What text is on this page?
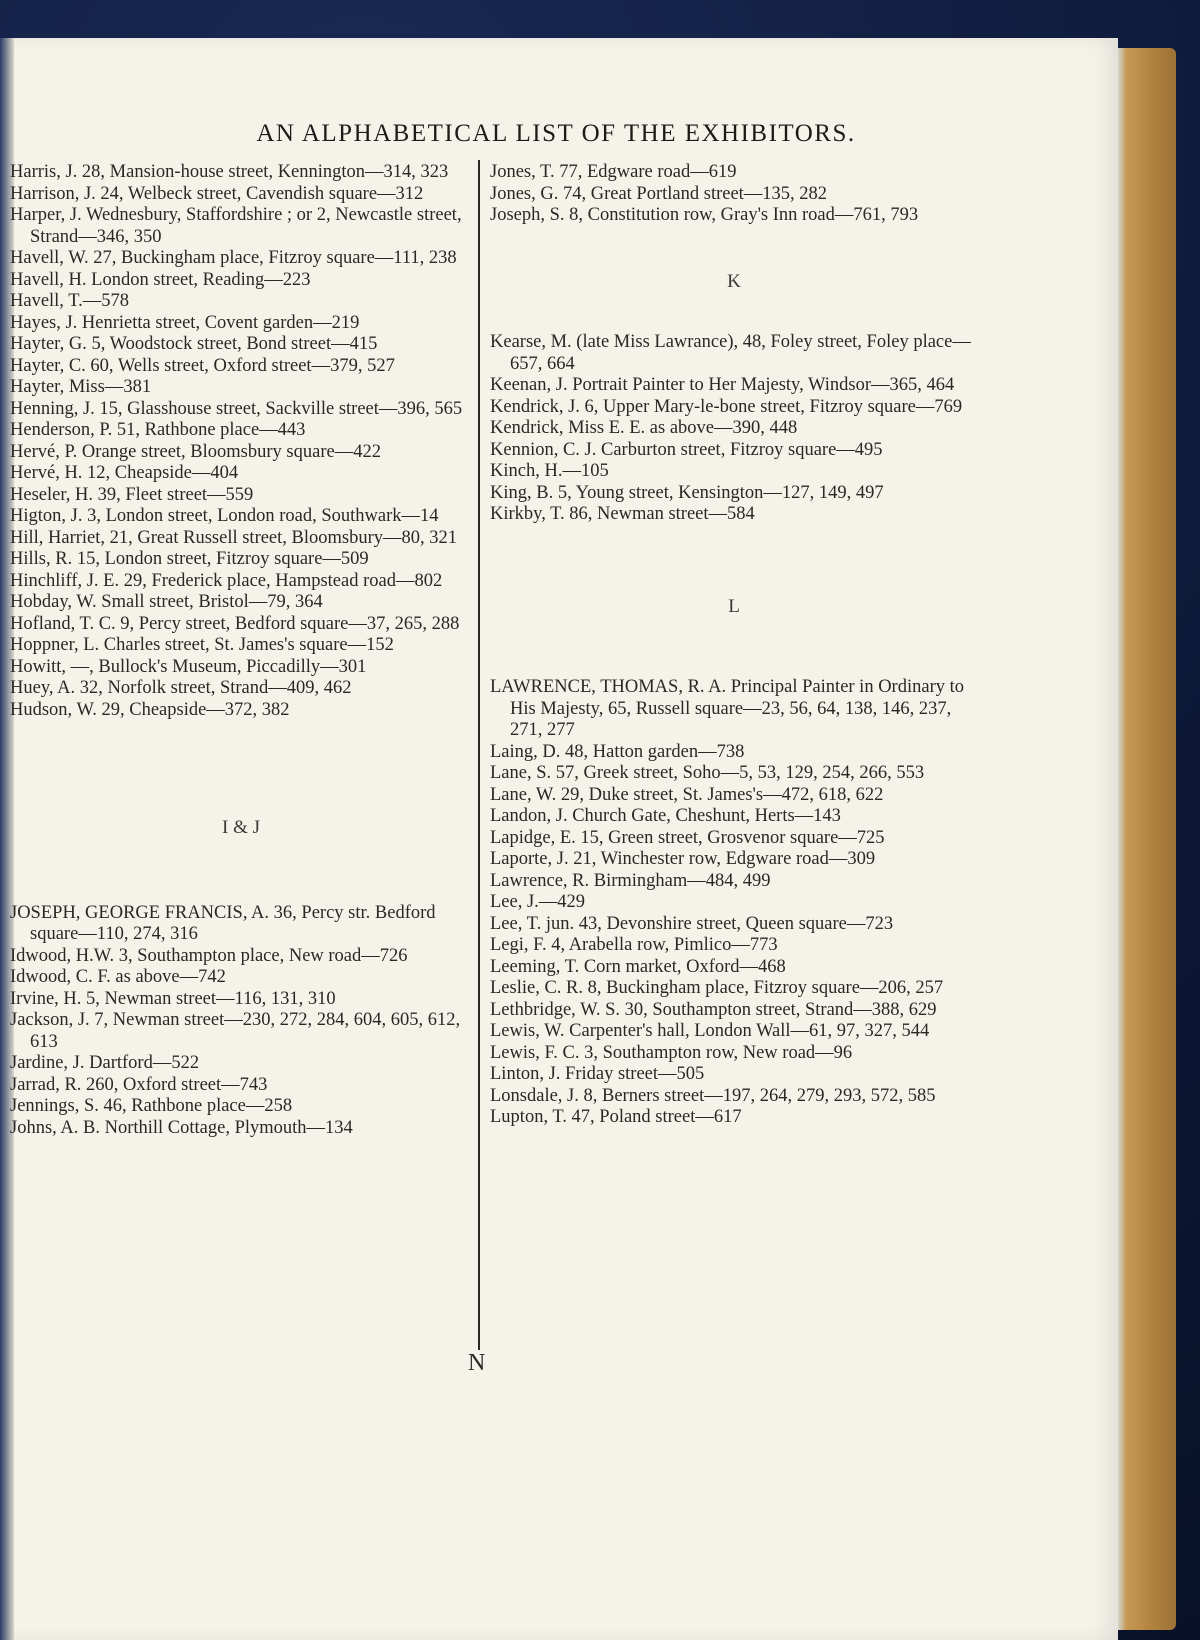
AN ALPHABETICAL LIST OF THE EXHIBITORS.

Harris, J. 28, Mansion-house street, Kennington—314, 323

Harrison, J. 24, Welbeck street, Cavendish square—312

Harper, J. Wednesbury, Staffordshire ; or 2, Newcastle street, Strand—346, 350

Havell, W. 27, Buckingham place, Fitzroy square—111, 238

Havell, H. London street, Reading—223

Havell, T.—578

Hayes, J. Henrietta street, Covent garden—219

Hayter, G. 5, Woodstock street, Bond street—415

Hayter, C. 60, Wells street, Oxford street—379, 527

Hayter, Miss—381

Henning, J. 15, Glasshouse street, Sackville street—396, 565

Henderson, P. 51, Rathbone place—443

Hervé, P. Orange street, Bloomsbury square—422

Hervé, H. 12, Cheapside—404

Heseler, H. 39, Fleet street—559

Higton, J. 3, London street, London road, Southwark—14

Hill, Harriet, 21, Great Russell street, Bloomsbury—80, 321

Hills, R. 15, London street, Fitzroy square—509

Hinchliff, J. E. 29, Frederick place, Hampstead road—802

Hobday, W. Small street, Bristol—79, 364

Hofland, T. C. 9, Percy street, Bedford square—37, 265, 288

Hoppner, L. Charles street, St. James's square—152

Howitt, —, Bullock's Museum, Piccadilly—301

Huey, A. 32, Norfolk street, Strand—409, 462

Hudson, W. 29, Cheapside—372, 382

I & J

JOSEPH, GEORGE FRANCIS, A. 36, Percy str. Bedford square—110, 274, 316

Idwood, H.W. 3, Southampton place, New road—726

Idwood, C. F. as above—742

Irvine, H. 5, Newman street—116, 131, 310

Jackson, J. 7, Newman street—230, 272, 284, 604, 605, 612, 613

Jardine, J. Dartford—522

Jarrad, R. 260, Oxford street—743

Jennings, S. 46, Rathbone place—258

Johns, A. B. Northill Cottage, Plymouth—134

Jones, T. 77, Edgware road—619

Jones, G. 74, Great Portland street—135, 282

Joseph, S. 8, Constitution row, Gray's Inn road—761, 793

K

Kearse, M. (late Miss Lawrance), 48, Foley street, Foley place—657, 664

Keenan, J. Portrait Painter to Her Majesty, Windsor—365, 464

Kendrick, J. 6, Upper Mary-le-bone street, Fitzroy square—769

Kendrick, Miss E. E. as above—390, 448

Kennion, C. J. Carburton street, Fitzroy square—495

Kinch, H.—105

King, B. 5, Young street, Kensington—127, 149, 497

Kirkby, T. 86, Newman street—584

L

LAWRENCE, THOMAS, R. A. Principal Painter in Ordinary to His Majesty, 65, Russell square—23, 56, 64, 138, 146, 237, 271, 277

Laing, D. 48, Hatton garden—738

Lane, S. 57, Greek street, Soho—5, 53, 129, 254, 266, 553

Lane, W. 29, Duke street, St. James's—472, 618, 622

Landon, J. Church Gate, Cheshunt, Herts—143

Lapidge, E. 15, Green street, Grosvenor square—725

Laporte, J. 21, Winchester row, Edgware road—309

Lawrence, R. Birmingham—484, 499

Lee, J.—429

Lee, T. jun. 43, Devonshire street, Queen square—723

Legi, F. 4, Arabella row, Pimlico—773

Leeming, T. Corn market, Oxford—468

Leslie, C. R. 8, Buckingham place, Fitzroy square—206, 257

Lethbridge, W. S. 30, Southampton street, Strand—388, 629

Lewis, W. Carpenter's hall, London Wall—61, 97, 327, 544

Lewis, F. C. 3, Southampton row, New road—96

Linton, J. Friday street—505

Lonsdale, J. 8, Berners street—197, 264, 279, 293, 572, 585

Lupton, T. 47, Poland street—617

N
